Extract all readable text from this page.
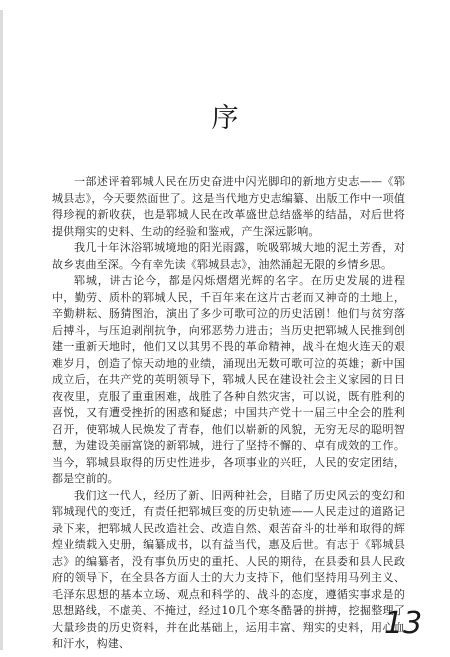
序

一部述评着郓城人民在历史奋进中闪光脚印的新地方史志——《郓城县志》，今天要然面世了。这是当代地方史志编纂、出版工作中一项值得珍视的新收获，也是郓城人民在改革盛世总结盛举的结晶，对后世将提供翔实的史料、生动的经验和鉴戒，产生深远影响。

我几十年沐浴郓城境地的阳光雨露，吮吸郓城大地的泥土芳香，对故乡衷曲至深。今有幸先读《郓城县志》，油然涌起无限的乡情乡思。

郓城，讲古论今，都是闪烁熠熠光辉的名字。在历史发展的进程中，勤劳、质朴的郓城人民，千百年来在这片古老而又神奇的土地上，辛勤耕耘、肠猜图治，演出了多少可歌可泣的历史活剧！他们与贫穷落后搏斗，与压迫剥削抗争，向邪恶势力进击；当历史把郓城人民推到创建一重新天地时，他们又以其男不畏的革命精神，战斗在炮火连天的艰难岁月，创造了惊天动地的业绩，涌现出无数可歌可泣的英雄；新中国成立后，在共产党的英明领导下，郓城人民在建设社会主义家园的日日夜夜里，克服了重重困难，战胜了各种自然灾害，可以说，既有胜利的喜悦，又有遭受挫折的困惑和疑虑；中国共产党十一届三中全会的胜利召开，使郓城人民焕发了青春，他们以崭新的风貌，无穷无尽的聪明智慧，为建设美丽富饶的新郓城，进行了坚持不懈的、卓有成效的工作。当今，郓城县取得的历史性进步，各项事业的兴旺，人民的安定团结，都是空前的。

我们这一代人，经历了新、旧两种社会，目睹了历史风云的变幻和郓城现代的变迁，有责任把郓城巨变的历史轨迹——人民走过的道路记录下来，把郓城人民改造社会、改造自然、艰苦奋斗的壮举和取得的辉煌业绩载入史册，编纂成书，以有益当代，惠及后世。有志于《郓城县志》的编纂者，没有事负历史的重托、人民的期待，在县委和县人民政府的领导下，在全县各方面人士的大力支持下，他们坚持用马列主义、毛泽东思想的基本立场、观点和科学的、战斗的态度，遵循实事求是的思想路线，不虚美、不掩过，经过10几个寒冬酷暑的拼搏，挖掘整理了大量珍贵的历史资料，并在此基础上，运用丰富、翔实的史料，用心血和汗水，构建、

13
